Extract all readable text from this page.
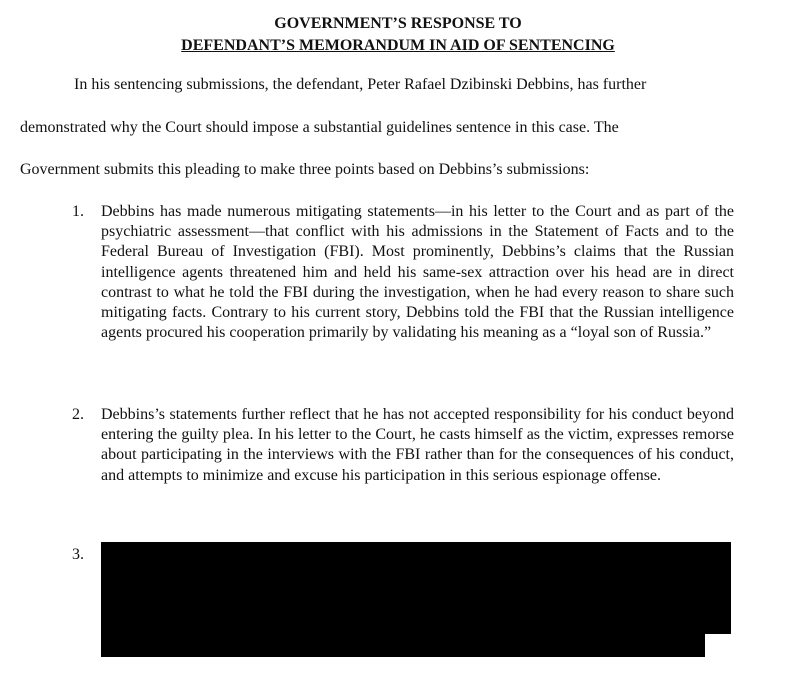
GOVERNMENT’S RESPONSE TO
DEFENDANT’S MEMORANDUM IN AID OF SENTENCING

In his sentencing submissions, the defendant, Peter Rafael Dzibinski Debbins, has further

demonstrated why the Court should impose a substantial guidelines sentence in this case. The

Government submits this pleading to make three points based on Debbins’s submissions:

1. Debbins has made numerous mitigating statements—in his letter to the Court and as part of the psychiatric assessment—that conflict with his admissions in the Statement of Facts and to the Federal Bureau of Investigation (FBI). Most prominently, Debbins’s claims that the Russian intelligence agents threatened him and held his same-sex attraction over his head are in direct contrast to what he told the FBI during the investigation, when he had every reason to share such mitigating facts. Contrary to his current story, Debbins told the FBI that the Russian intelligence agents procured his cooperation primarily by validating his meaning as a “loyal son of Russia.”
2. Debbins’s statements further reflect that he has not accepted responsibility for his conduct beyond entering the guilty plea. In his letter to the Court, he casts himself as the victim, expresses remorse about participating in the interviews with the FBI rather than for the consequences of his conduct, and attempts to minimize and excuse his participation in this serious espionage offense.
3.
